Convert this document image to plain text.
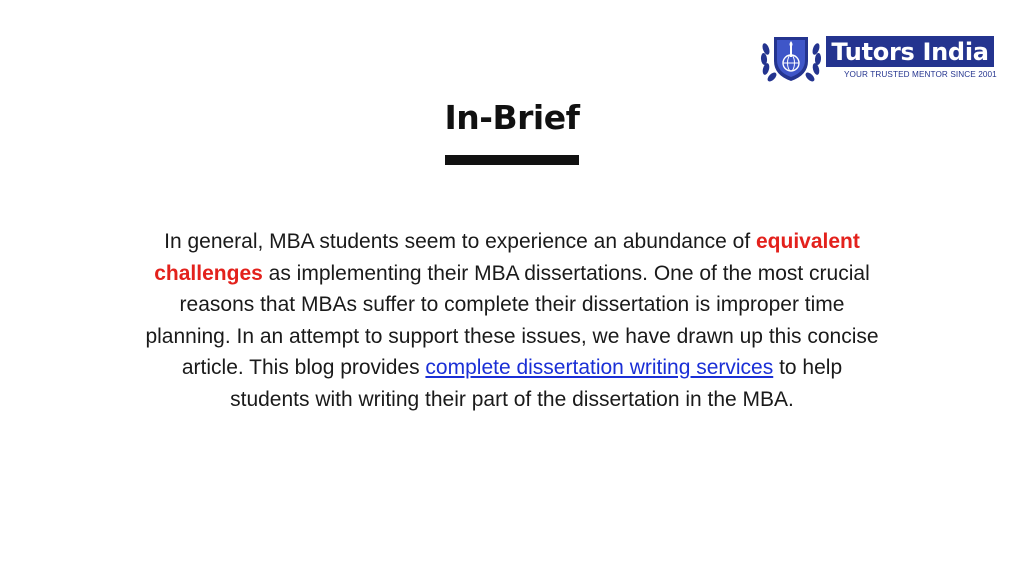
Tutors India
YOUR TRUSTED MENTOR SINCE 2001
In-Brief

In general, MBA students seem to experience an abundance of equivalent challenges as implementing their MBA dissertations. One of the most crucial reasons that MBAs suffer to complete their dissertation is improper time planning. In an attempt to support these issues, we have drawn up this concise article. This blog provides complete dissertation writing services to help students with writing their part of the dissertation in the MBA.
